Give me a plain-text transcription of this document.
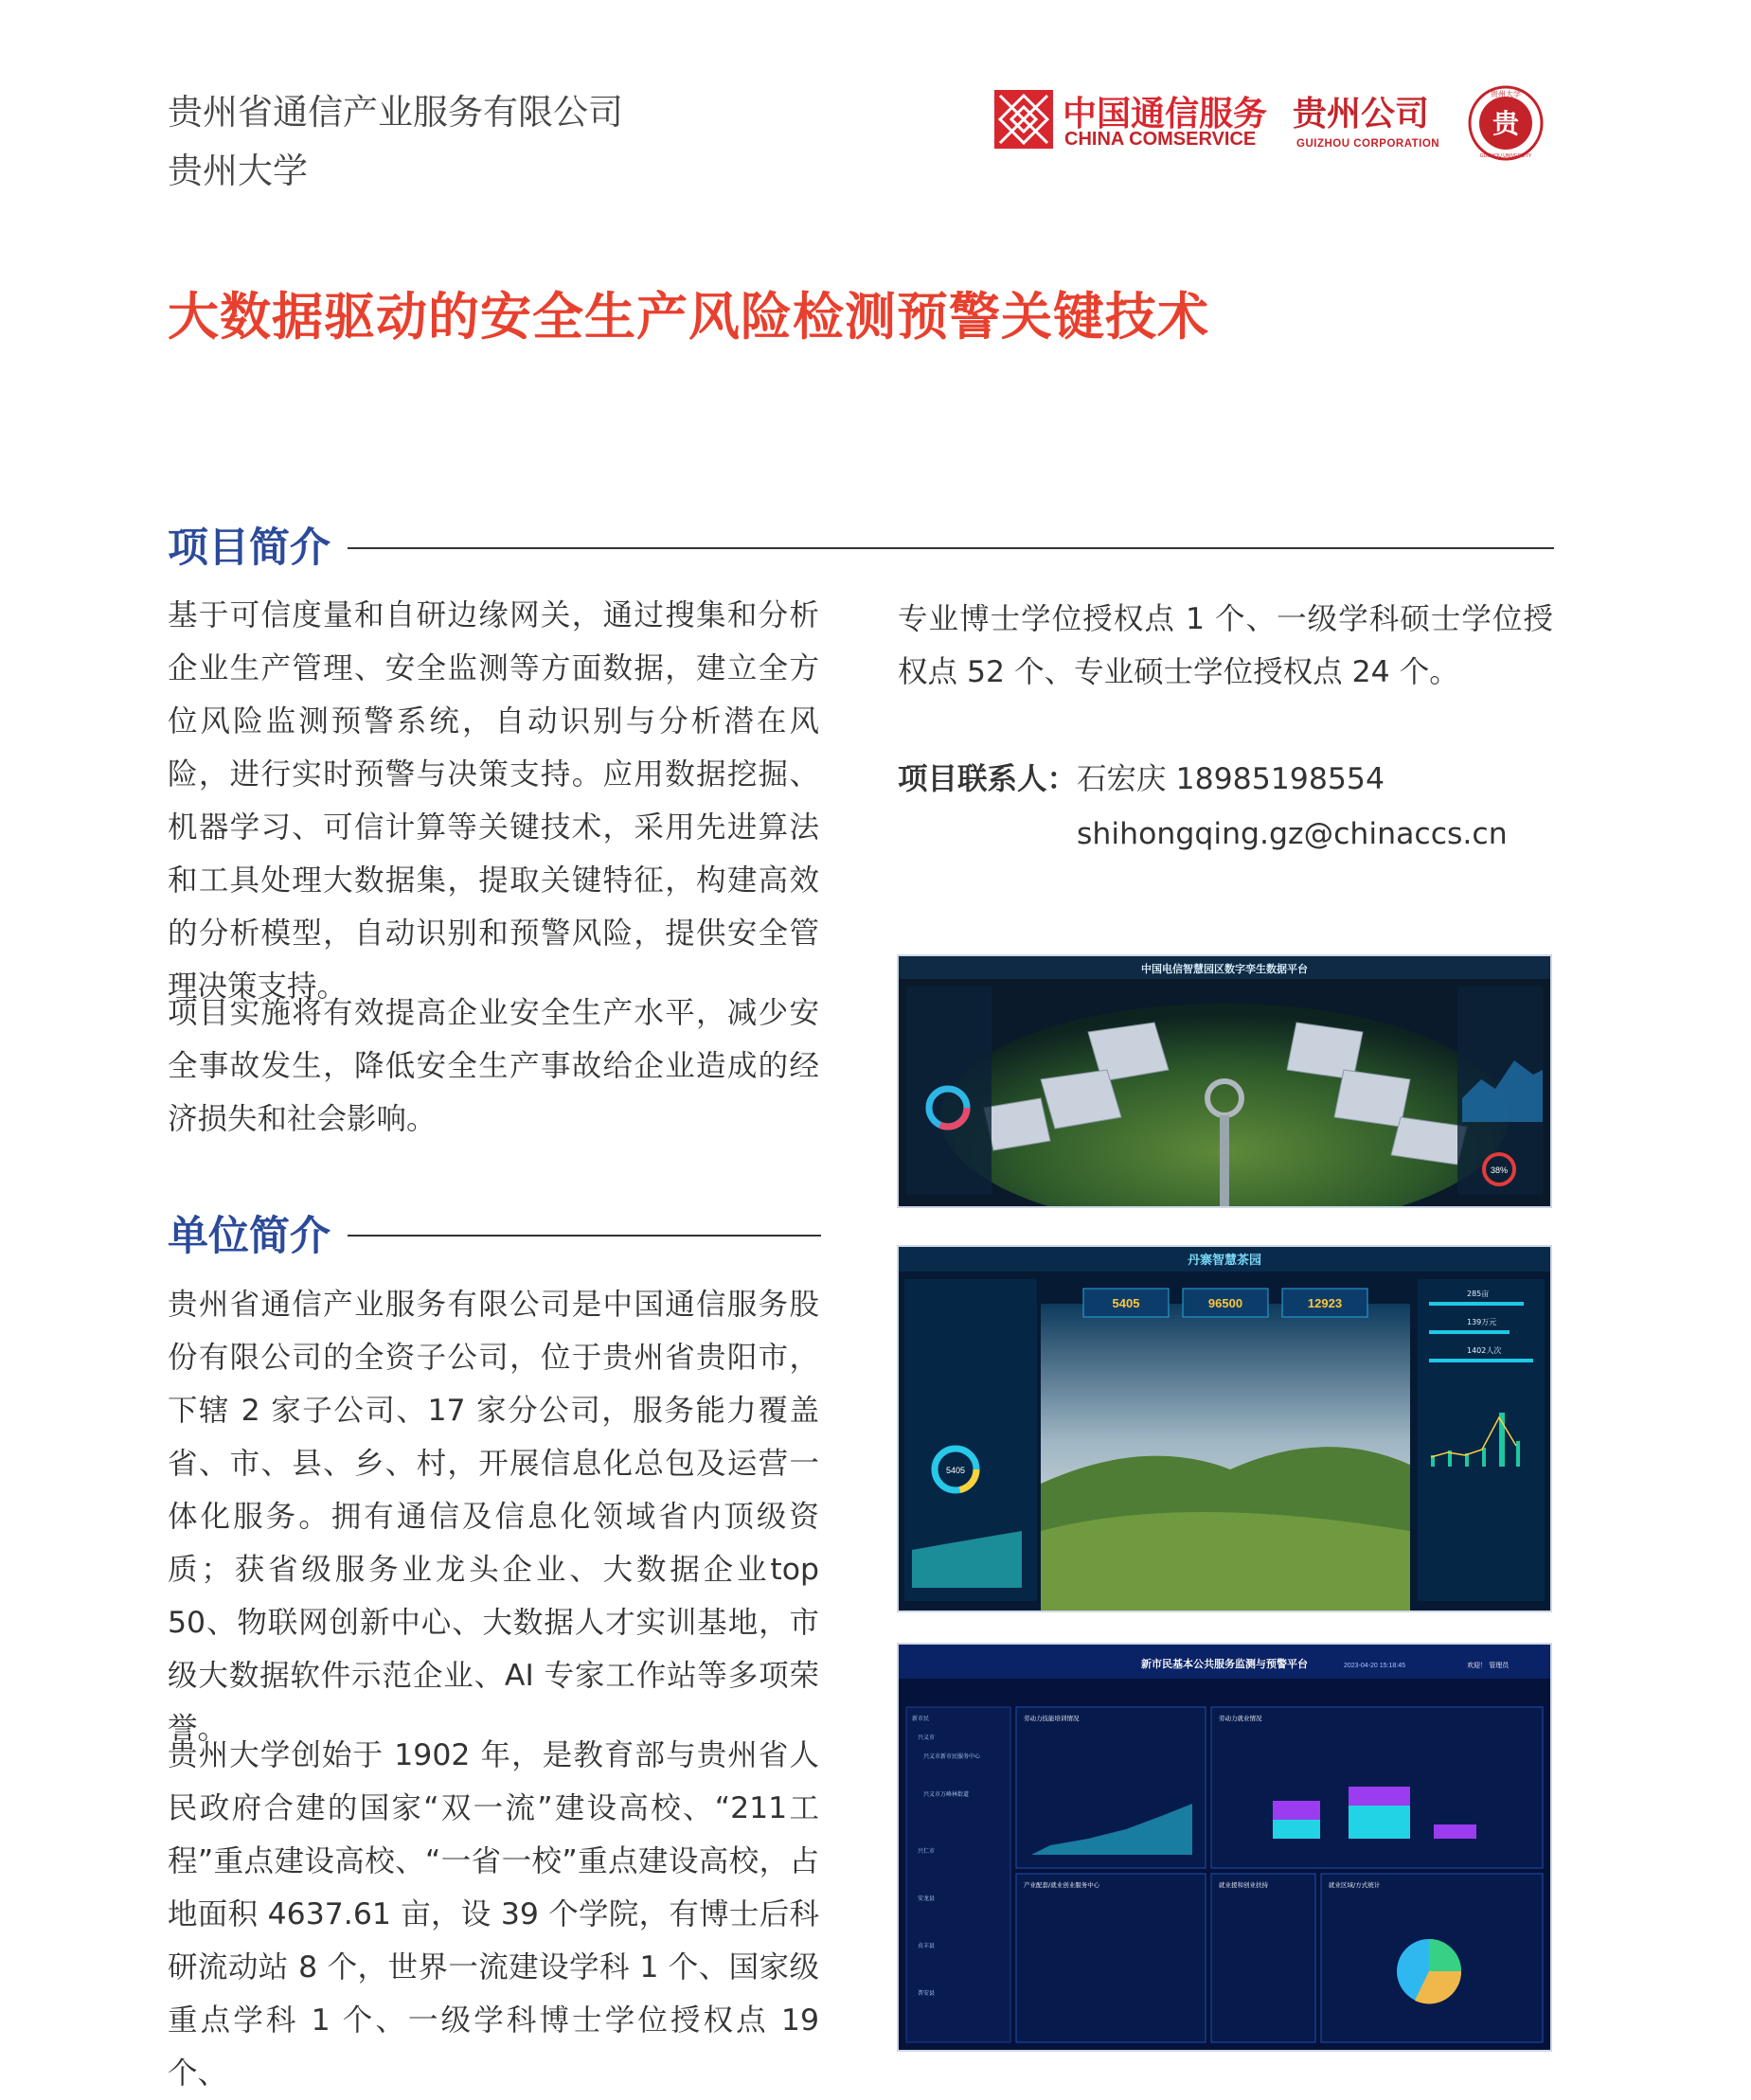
贵州省通信产业服务有限公司
贵州大学
中国通信服务
CHINA COMSERVICE
贵州公司
GUIZHOU CORPORATION
贵
贵州大学
GUIZHOU UNIVERSITY
大数据驱动的安全生产风险检测预警关键技术
项目简介
基于可信度量和自研边缘网关，通过搜集和分析企业生产管理、安全监测等方面数据，建立全方位风险监测预警系统，自动识别与分析潜在风险，进行实时预警与决策支持。应用数据挖掘、机器学习、可信计算等关键技术，采用先进算法和工具处理大数据集，提取关键特征，构建高效的分析模型，自动识别和预警风险，提供安全管理决策支持。
项目实施将有效提高企业安全生产水平，减少安全事故发生，降低安全生产事故给企业造成的经济损失和社会影响。
单位简介
贵州省通信产业服务有限公司是中国通信服务股份有限公司的全资子公司，位于贵州省贵阳市，下辖 2 家子公司、17 家分公司，服务能力覆盖省、市、县、乡、村，开展信息化总包及运营一体化服务。拥有通信及信息化领域省内顶级资质；获省级服务业龙头企业、大数据企业top 50、物联网创新中心、大数据人才实训基地，市级大数据软件示范企业、AI 专家工作站等多项荣誉。
贵州大学创始于 1902 年，是教育部与贵州省人民政府合建的国家“双一流”建设高校、“211工程”重点建设高校、“一省一校”重点建设高校，占地面积 4637.61 亩，设 39 个学院，有博士后科研流动站 8 个，世界一流建设学科 1 个、国家级重点学科 1 个、一级学科博士学位授权点 19 个、
专业博士学位授权点 1 个、一级学科硕士学位授权点 52 个、专业硕士学位授权点 24 个。
项目联系人：石宏庆 18985198554
shihongqing.gz@chinaccs.cn
中国电信智慧园区数字孪生数据平台
38%
丹寨智慧茶园
5405	96500	12923
5405
285亩
139万元
1402人次
新市民基本公共服务监测与预警平台	2023-04-20 15:18:45	欢迎！ 管理员
新市民
兴义市
兴义市新市民服务中心
兴义市万峰林街道
兴仁市
安龙县
贞丰县
普安县
劳动力技能培训情况	劳动力就业情况
产业配套/就业创业服务中心	就业援和创业扶持	就业区域/方式统计
